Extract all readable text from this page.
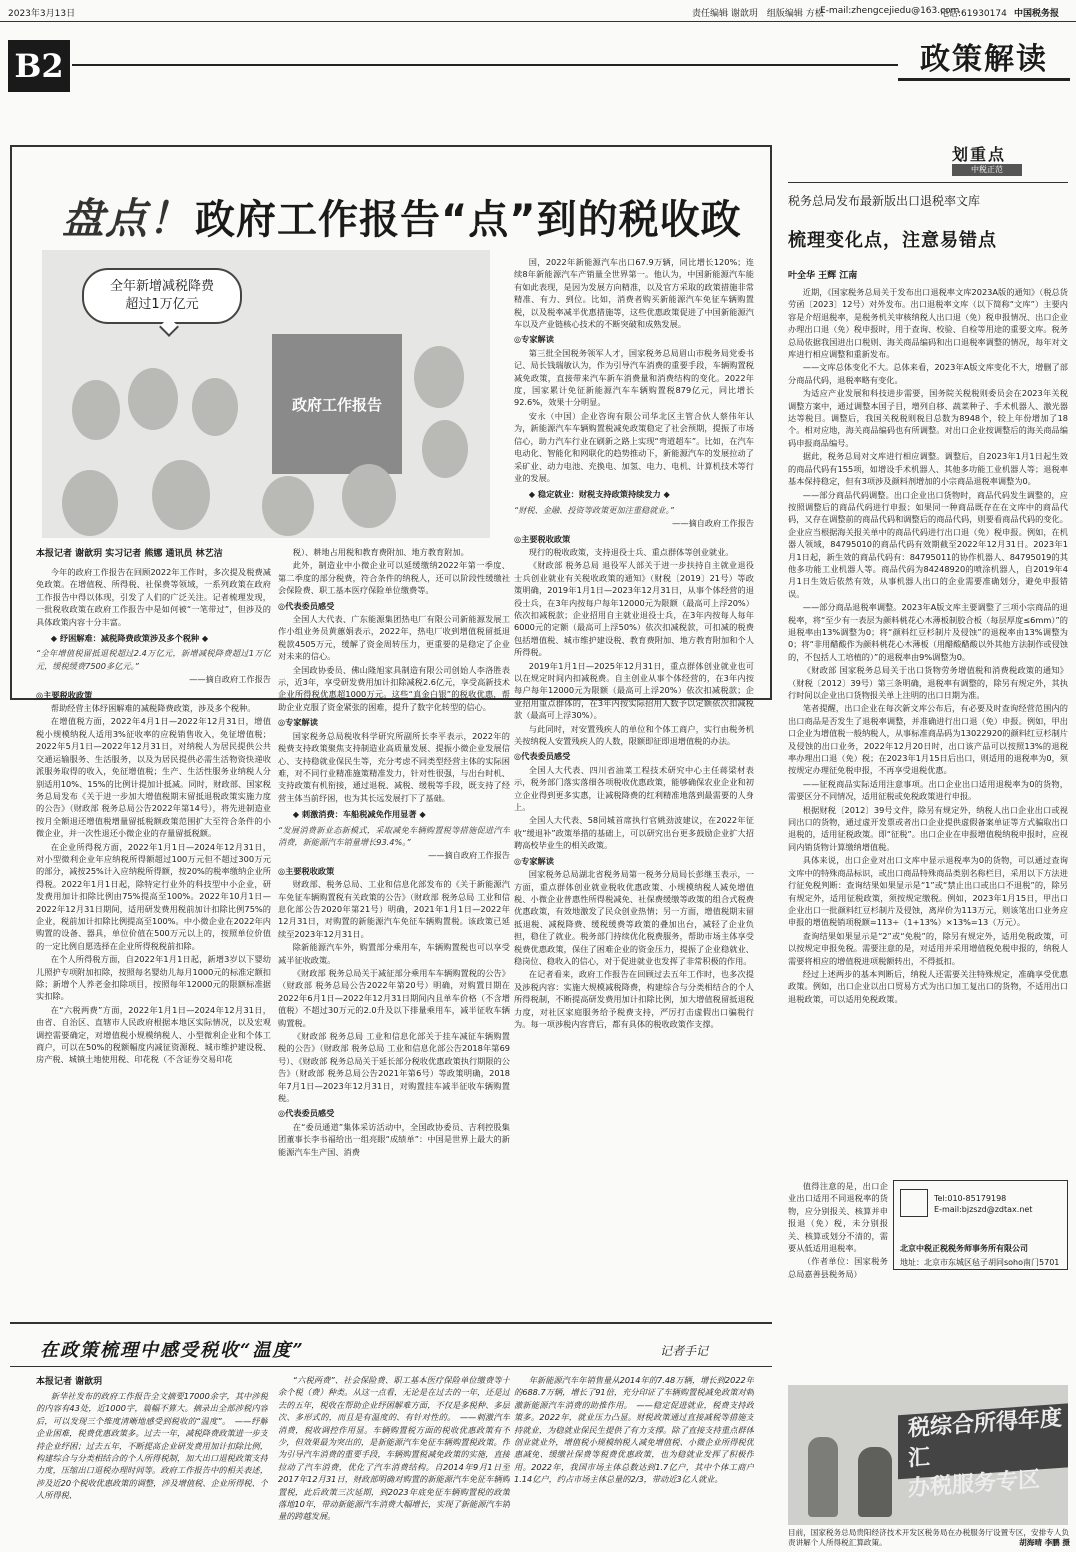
2023年3月13日	责任编辑 谢歆玥　组版编辑 方松
E-mail:zhengcejiedu@163.com
电话:61930174 中国税务报
B2	政策解读
盘点！ 政府工作报告“点”到的税收政
全年新增减税降费
超过1万亿元
政府工作报告
本报记者 谢歆玥 实习记者 熊娜 通讯员 林艺洁

今年的政府工作报告在回顾2022年工作时，多次提及税费减免政策。在增值税、所得税、社保费等领域，一系列政策在政府工作报告中得以体现，引发了人们的广泛关注。记者梳理发现，一批税收政策在政府工作报告中是如何被“一笔带过”，但涉及的具体政策内容十分丰富。

◆ 纾困解难：减税降费政策涉及多个税种 ◆

“全年增值税留抵退税超过2.4万亿元，新增减税降费超过1万亿元，缓税缓费7500多亿元。”

——摘自政府工作报告

◎主要税收政策

帮助经营主体纾困解难的减税降费政策，涉及多个税种。

在增值税方面，2022年4月1日—2022年12月31日，增值税小规模纳税人适用3%征收率的应税销售收入，免征增值税；2022年5月1日—2022年12月31日，对纳税人为居民提供公共交通运输服务、生活服务，以及为居民提供必需生活物资快递收派服务取得的收入，免征增值税；生产、生活性服务业纳税人分别适用10%、15%的比例计提加计抵减。同时，财政部、国家税务总局发布《关于进一步加大增值税期末留抵退税政策实施力度的公告》（财政部 税务总局公告2022年第14号），将先进制造业按月全额退还增值税增量留抵税额政策范围扩大至符合条件的小微企业，并一次性退还小微企业的存量留抵税额。

在企业所得税方面，2022年1月1日—2024年12月31日，对小型微利企业年应纳税所得额超过100万元但不超过300万元的部分，减按25%计入应纳税所得额，按20%的税率缴纳企业所得税。2022年1月1日起，除特定行业外的科技型中小企业，研发费用加计扣除比例由75%提高至100%。2022年10月1日—2022年12月31日期间，适用研发费用税前加计扣除比例75%的企业，税前加计扣除比例提高至100%。中小微企业在2022年内购置的设备、器具，单位价值在500万元以上的，按照单位价值的一定比例自愿选择在企业所得税税前扣除。

在个人所得税方面，自2022年1月1日起，新增3岁以下婴幼儿照护专项附加扣除，按照每名婴幼儿每月1000元的标准定额扣除；新增个人养老金扣除项目，按照每年12000元的限额标准据实扣除。

在“六税两费”方面，2022年1月1日—2024年12月31日，由省、自治区、直辖市人民政府根据本地区实际情况，以及宏观调控需要确定，对增值税小规模纳税人、小型微利企业和个体工商户，可以在50%的税额幅度内减征资源税、城市维护建设税、房产税、城镇土地使用税、印花税（不含证券交易印花

税）、耕地占用税和教育费附加、地方教育附加。

此外，制造业中小微企业可以延缓缴纳2022年第一季度、第二季度的部分税费，符合条件的纳税人，还可以阶段性缓缴社会保险费、职工基本医疗保险单位缴费等。

◎代表委员感受

全国人大代表、广东能源集团热电厂有限公司新能源发展工作小组业务员黄蕙娟表示，2022年，热电厂收到增值税留抵退税款4505万元，缓解了资金周转压力，更重要的是稳定了企业对未来的信心。

全国政协委员、佛山隆旭家具制造有限公司创始人李洛胜表示，近3年，享受研发费用加计扣除减税2.6亿元，享受高新技术企业所得税优惠超1000万元。这些“真金白银”的税收优惠，帮助企业克服了资金紧张的困难，提升了数字化转型的信心。

◎专家解读

国家税务总局税收科学研究所副所长李平表示，2022年的税费支持政策聚焦支持制造业高质量发展、提振小微企业发展信心、支持稳就业保民生等，充分考虑不同类型经营主体的实际困难，对不同行业精准施策精准发力，针对性很强，与出台时机、支持政策有机衔接，通过退税、减税、缓税等手段，既支持了经营主体当前纾困，也为其长远发展打下了基础。

◆ 刺激消费：车船税减免作用显著 ◆

“发展消费新业态新模式，采取减免车辆购置税等措施促进汽车消费，新能源汽车销量增长93.4%。”

——摘自政府工作报告

◎主要税收政策

财政部、税务总局、工业和信息化部发布的《关于新能源汽车免征车辆购置税有关政策的公告》（财政部 税务总局 工业和信息化部公告2020年第21号）明确，2021年1月1日—2022年12月31日，对购置的新能源汽车免征车辆购置税。该政策已延续至2023年12月31日。

除新能源汽车外，购置部分乘用车，车辆购置税也可以享受减半征收政策。

《财政部 税务总局关于减征部分乘用车车辆购置税的公告》（财政部 税务总局公告2022年第20号）明确，对购置日期在2022年6月1日—2022年12月31日期间内且单车价格（不含增值税）不超过30万元的2.0升及以下排量乘用车，减半征收车辆购置税。

《财政部 税务总局 工业和信息化部关于挂车减征车辆购置税的公告》（财政部 税务总局 工业和信息化部公告2018年第69号）、《财政部 税务总局关于延长部分税收优惠政策执行期限的公告》（财政部 税务总局公告2021年第6号）等政策明确，2018年7月1日—2023年12月31日，对购置挂车减半征收车辆购置税。

◎代表委员感受

在“委员通道”集体采访活动中，全国政协委员、吉利控股集团董事长李书福给出一组亮眼“成绩单”：中国是世界上最大的新能源汽车生产国、消费

国，2022年新能源汽车出口67.9万辆，同比增长120%；连续8年新能源汽车产销量全世界第一。他认为，中国新能源汽车能有如此表现，是因为发展方向精准，以及官方采取的政策措施非常精准、有力、到位。比如，消费者购买新能源汽车免征车辆购置税，以及税率减半优惠措施等，这些优惠政策促进了中国新能源汽车以及产业链核心技术的不断突破和成熟发展。

◎专家解读

第三批全国税务领军人才，国家税务总局眉山市税务局党委书记、局长钱瑞敏认为，作为引导汽车消费的重要手段，车辆购置税减免政策，直接带来汽车新车消费量和消费结构的变化。2022年度，国家累计免征新能源汽车车辆购置税879亿元，同比增长92.6%，效果十分明显。

安永（中国）企业咨询有限公司华北区主管合伙人蔡伟年认为，新能源汽车车辆购置税减免政策稳定了社会预期，提振了市场信心，助力汽车行业在刷新之路上实现“弯道超车”。比如，在汽车电动化、智能化和网联化的趋势推动下，新能源汽车的发展拉动了采矿业、动力电池、充换电、加氢、电力、电机、计算机技术等行业的发展。

◆ 稳定就业：财税支持政策持续发力 ◆

“财税、金融、投资等政策更加注重稳就业。”

——摘自政府工作报告

◎主要税收政策

现行的税收政策，支持退役士兵、重点群体等创业就业。

《财政部 税务总局 退役军人部关于进一步扶持自主就业退役士兵创业就业有关税收政策的通知》（财税〔2019〕21号）等政策明确，2019年1月1日—2023年12月31日，从事个体经营的退役士兵，在3年内按每户每年12000元为限额（最高可上浮20%）依次扣减税款；企业招用自主就业退役士兵，在3年内按每人每年6000元的定额（最高可上浮50%）依次扣减税款，可扣减的税费包括增值税、城市维护建设税、教育费附加、地方教育附加和个人所得税。

2019年1月1日—2025年12月31日，重点群体创业就业也可以在规定时间内扣减税费。自主创业从事个体经营的，在3年内按每户每年12000元为限额（最高可上浮20%）依次扣减税款；企业招用重点群体的，在3年内按实际招用人数予以定额依次扣减税款（最高可上浮30%）。

与此同时，对安置残疾人的单位和个体工商户，实行由税务机关按纳税人安置残疾人的人数，限额即征即退增值税的办法。

◎代表委员感受

全国人大代表、四川省油菜工程技术研究中心主任蒋梁材表示，税务部门落实落细各项税收优惠政策，能够确保农业企业和初立企业得到更多实惠，让减税降费的红利精准地落到最需要的人身上。

全国人大代表、58同城首席执行官姚劲波建议，在2022年征收“缓退补”政策举措的基础上，可以研究出台更多鼓励企业扩大招聘高校毕业生的相关政策。

◎专家解读

国家税务总局湖北省税务局第一税务分局局长彭继玉表示，一方面，重点群体创业就业税收优惠政策、小规模纳税人减免增值税、小微企业普惠性所得税减免、社保费缓缴等政策的组合式税费优惠政策，有效地激发了民众创业热情；另一方面，增值税期末留抵退税、减税降费、缓税缓费等政策的叠加出台，减轻了企业负担，稳住了就业。税务部门持续优化税费服务，帮助市场主体享受税费优惠政策，保住了困难企业的资金压力，提振了企业稳就业、稳岗位、稳收入的信心，对于促进就业也发挥了非常积极的作用。

在记者看来，政府工作报告在回顾过去五年工作时，也多次提及涉税内容：实施大规模减税降费，构建综合与分类相结合的个人所得税制，不断提高研发费用加计扣除比例，加大增值税留抵退税力度，对社区家庭服务给予税费支持，严厉打击虚假出口骗税行为。每一项涉税内容背后，都有具体的税收政策作支撑。

在政策梳理中感受税收“温度”	记者手记
本报记者 谢歆玥

新华社发布的政府工作报告全文摘要17000余字，其中涉税的内容有43处，近1000字，篇幅不算大。摘录出全部涉税内容后，可以发现三个维度清晰地感受到税收的“温度”。　——纾解企业困难，税费优惠政策多。过去一年，减税降费政策进一步支持企业纾困；过去五年，不断提高企业研发费用加计扣除比例，构建综合与分类相结合的个人所得税制，加大出口退税政策支持力度，压缩出口退税办理时间等。政府工作报告中的相关表述，涉及近20个税收优惠政策的调整，涉及增值税、企业所得税、个人所得税、

“六税两费”、社会保险费、职工基本医疗保险单位缴费等十余个税（费）种类。从这一点看，无论是在过去的一年，还是过去的五年，税收在帮助企业纾困解难方面，不仅是多税种、多层次、多形式的，而且是有温度的、有针对性的。　——刺激汽车消费，税收调控作用显。车辆购置税方面的税收优惠政策有不少，但效果最为突出的，是新能源汽车免征车辆购置税政策。作为引导汽车消费的重要手段，车辆购置税减免政策的实施，直接拉动了汽车消费，优化了汽车消费结构。自2014年9月1日至2017年12月31日，财政部明确对购置的新能源汽车免征车辆购置税，此后政策三次延期，到2023年底免征车辆购置税的政策落地10年，带动新能源汽车消费大幅增长，实现了新能源汽车销量的跨越发展。

年新能源汽车年销售量从2014年的7.48万辆，增长到2022年的688.7万辆，增长了91倍，充分印证了车辆购置税减免政策对刺激新能源汽车消费的助推作用。　——稳定促进就业，税费支持政策多。2022年，就业压力凸显。财税政策通过直接减税等措施支持就业，为稳就业保民生提供了有力支撑。除了直接支持重点群体创业就业外，增值税小规模纳税人减免增值税、小微企业所得税优惠减免、缓缴社保费等税费优惠政策，也为稳就业发挥了积极作用。2022年，我国市场主体总数达到1.7亿户，其中个体工商户1.14亿户，约占市场主体总量的2/3，带动近3亿人就业。

划重点
中税正范
税务总局发布最新版出口退税率文库
梳理变化点，注意易错点
叶全华 王辉 江南

近期，《国家税务总局关于发布出口退税率文库2023A版的通知》（税总货劳函〔2023〕12号）对外发布。出口退税率文库（以下简称“文库”）主要内容是介绍退税率，是税务机关审核纳税人出口退（免）税申报情况、出口企业办理出口退（免）税申报时，用于查询、校验、自检等用途的重要文库。税务总局依据我国进出口税则、海关商品编码和出口退税率调整的情况，每年对文库进行相应调整和重新发布。

——文库总体变化不大。总体来看，2023年A版文库变化不大，增删了部分商品代码，退税率略有变化。

为适应产业发展和科技进步需要，国务院关税税则委员会在2023年关税调整方案中，通过调整本国子目，增列自移、蔬菜种子、手术机器人、激光器达等税目。调整后，我国关税税则税目总数为8948个，较上年份增加了18个。相对应地，海关商品编码也有所调整。对出口企业按调整后的海关商品编码申报商品编号。

据此，税务总局对文库进行相应调整。调整后，自2023年1月1日起生效的商品代码有155项，如增设手术机器人、其他多功能工业机器人等；退税率基本保持稳定，但有3项涉及颜料剂增加的小宗商品退税率调整为0。

——部分商品代码调整。出口企业出口货物时，商品代码发生调整的，应按照调整后的商品代码进行申报；如果同一种商品既存在在文库中的商品代码，又存在调整前的商品代码和调整后的商品代码，则要看商品代码的变化。企业应当根据海关报关单中的商品代码进行出口退（免）税申报。例如，在机器人领域，84795010的商品代码有效期截至2022年12月31日。2023年1月1日起，新生效的商品代码有：84795011的协作机器人、84795019的其他多功能工业机器人等。商品代码为84248920的喷涂机器人，自2019年4月1日生效后依然有效，从事机器人出口的企业需要准确划分，避免申报错误。

——部分商品退税率调整。2023年A版文库主要调整了三项小宗商品的退税率，将“至少有一表层为颜料桃花心木薄板制胶合板（每层厚度≤6mm）”的退税率由13%调整为0；将“颜料红豆杉制片及侵蚀”的退税率由13%调整为0；将“非用醋酸作为颜料桃花心木薄板（用醋酸醋酸以外其他方法制作或侵蚀的，不包括人工培植的）”的退税率由9%调整为0。

《财政部 国家税务总局关于出口货物劳务增值税和消费税政策的通知》（财税〔2012〕39号）第三条明确，退税率有调整的，除另有规定外，其执行时间以企业出口货物报关单上注明的出口日期为准。

笔者提醒，出口企业在每次新文库公布后，有必要及时查询经营范围内的出口商品是否发生了退税率调整，并准确进行出口退（免）申报。例如，甲出口企业为增值税一般纳税人，从事标准商品码为13022920的颜料红豆杉制片及侵蚀的出口业务，2022年12月20日时，出口该产品可以按照13%的退税率办理出口退（免）税；在2023年1月15日后出口，则适用的退税率为0，须按规定办理征免税申报，不再享受退税优惠。

——征税商品实际适用注意事项。出口企业出口适用退税率为0的货物，需要区分不同情况，适用征税或免税政策进行申报。

根据财税〔2012〕39号文件，除另有规定外，纳税人出口企业出口或视同出口的货物，通过虚开发票或者出口企业提供虚假备案单证等方式骗取出口退税的，适用征税政策。即“征税”。出口企业在申报增值税纳税申报时，应视同内销货物计算缴纳增值税。

具体来说，出口企业对出口文库中显示退税率为0的货物，可以通过查询文库中的特殊商品标识，或出口商品特殊商品类别名称栏目，采用以下方法进行征免税判断：查询结果如果显示是“1”或“禁止出口或出口不退税”的，除另有规定外，适用征税政策，须按规定缴税。例如，2023年1月15日，甲出口企业出口一批颜料红豆杉制片及侵蚀，离岸价为113万元，则该笔出口业务应申报的增值税销项税额=113÷（1+13%）×13%=13（万元）。

查询结果如果显示是“2”或“免税”的，除另有规定外，适用免税政策，可以按规定申报免税。需要注意的是，对适用并采用增值税免税申报的，纳税人需要将相应的增值税进项税额转出，不得抵扣。

经过上述两步的基本判断后，纳税人还需要关注特殊规定，准确享受优惠政策。例如，出口企业以出口贸易方式为出口加工复出口的货物，不适用出口退税政策，可以适用免税政策。

值得注意的是，出口企业出口适用不同退税率的货物，应分别报关、核算并申报退（免）税，未分别报关、核算或划分不清的，需要从低适用退税率。

（作者单位：国家税务总局嘉善县税务局）

Tel:010-85179198
E-mail:bjzszd@zdtax.net
北京中税正税税务师事务所有限公司
地址：北京市东城区毡子胡同soho南门5701
税综合所得年度汇
办税服务专区
目前，国家税务总局贵阳经济技术开发区税务局在办税服务厅设置专区，安排专人负责讲解个人所得税汇算政策。	胡海晴 李鹏 摄
